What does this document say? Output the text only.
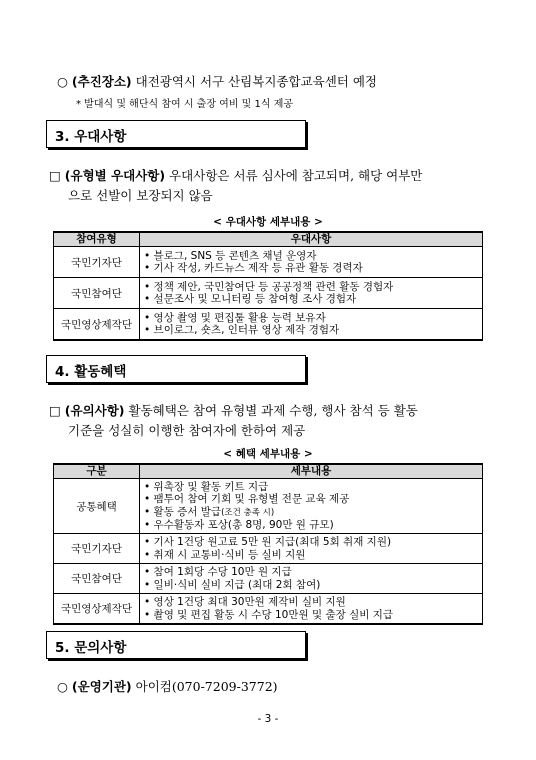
○ (추진장소) 대전광역시 서구 산림복지종합교육센터 예정
* 발대식 및 해단식 참여 시 출장 여비 및 1식 제공
3. 우대사항
□ (유형별 우대사항) 우대사항은 서류 심사에 참고되며, 해당 여부만
으로 선발이 보장되지 않음
< 우대사항 세부내용 >
참여유형	우대사항
국민기자단	• 블로그, SNS 등 콘텐츠 채널 운영자
• 기사 작성, 카드뉴스 제작 등 유관 활동 경력자

국민참여단	• 정책 제안, 국민참여단 등 공공정책 관련 활동 경험자
• 설문조사 및 모니터링 등 참여형 조사 경험자

국민영상제작단	• 영상 촬영 및 편집툴 활용 능력 보유자
• 브이로그, 숏츠, 인터뷰 영상 제작 경험자
4. 활동혜택
□ (유의사항) 활동혜택은 참여 유형별 과제 수행, 행사 참석 등 활동
기준을 성실히 이행한 참여자에 한하여 제공
< 혜택 세부내용 >
구분	세부내용
공통혜택	• 위촉장 및 활동 키트 지급
• 팸투어 참여 기회 및 유형별 전문 교육 제공
• 활동 증서 발급(조건 충족 시)
• 우수활동자 포상(총 8명, 90만 원 규모)

국민기자단	• 기사 1건당 원고료 5만 원 지급(최대 5회 취재 지원)
• 취재 시 교통비·식비 등 실비 지원

국민참여단	• 참여 1회당 수당 10만 원 지급
• 일비·식비 실비 지급 (최대 2회 참여)

국민영상제작단	• 영상 1건당 최대 30만원 제작비 실비 지원
• 촬영 및 편집 활동 시 수당 10만원 및 출장 실비 지급
5. 문의사항
○ (운영기관) 아이컴(070-7209-3772)
- 3 -
